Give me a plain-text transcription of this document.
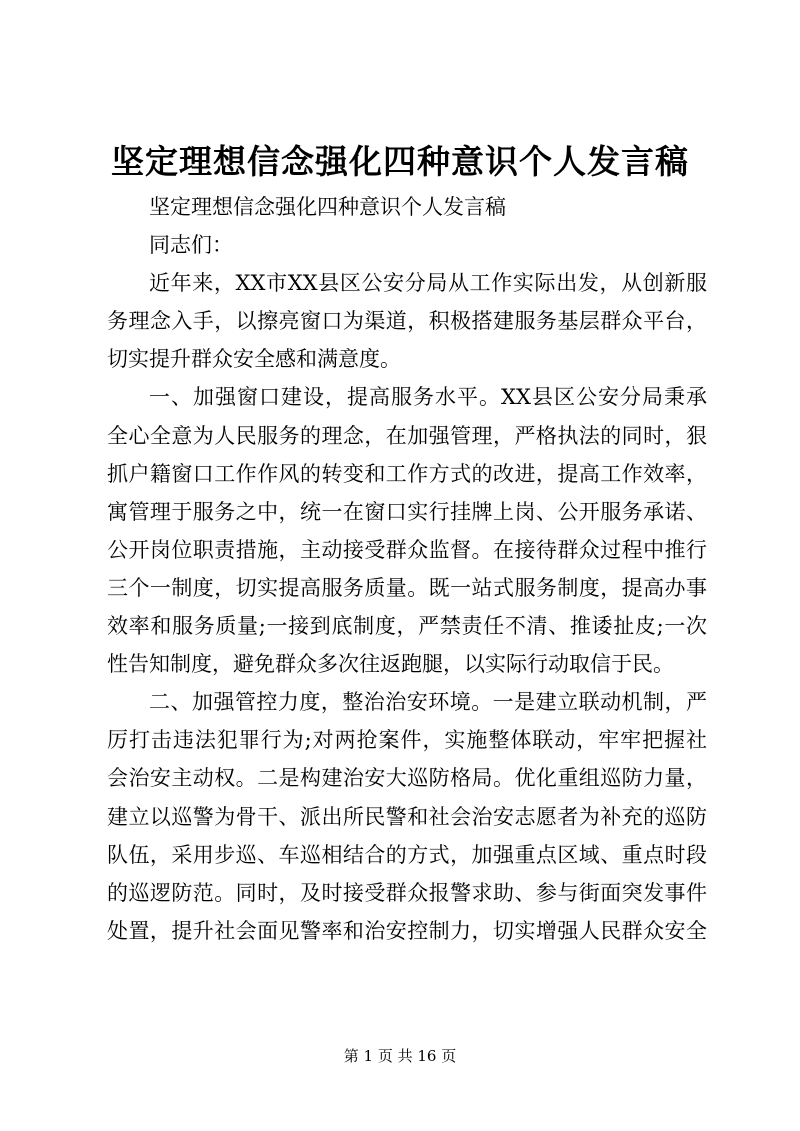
坚定理想信念强化四种意识个人发言稿
坚定理想信念强化四种意识个人发言稿
同志们：
近年来，XX市XX县区公安分局从工作实际出发，从创新服
务理念入手，以擦亮窗口为渠道，积极搭建服务基层群众平台，
切实提升群众安全感和满意度。
一、加强窗口建设，提高服务水平。XX县区公安分局秉承
全心全意为人民服务的理念，在加强管理，严格执法的同时，狠
抓户籍窗口工作作风的转变和工作方式的改进，提高工作效率，
寓管理于服务之中，统一在窗口实行挂牌上岗、公开服务承诺、
公开岗位职责措施，主动接受群众监督。在接待群众过程中推行
三个一制度，切实提高服务质量。既一站式服务制度，提高办事
效率和服务质量;一接到底制度，严禁责任不清、推诿扯皮;一次
性告知制度，避免群众多次往返跑腿，以实际行动取信于民。
二、加强管控力度，整治治安环境。一是建立联动机制，严
厉打击违法犯罪行为;对两抢案件，实施整体联动，牢牢把握社
会治安主动权。二是构建治安大巡防格局。优化重组巡防力量，
建立以巡警为骨干、派出所民警和社会治安志愿者为补充的巡防
队伍，采用步巡、车巡相结合的方式，加强重点区域、重点时段
的巡逻防范。同时，及时接受群众报警求助、参与街面突发事件
处置，提升社会面见警率和治安控制力，切实增强人民群众安全
第 1 页 共 16 页
